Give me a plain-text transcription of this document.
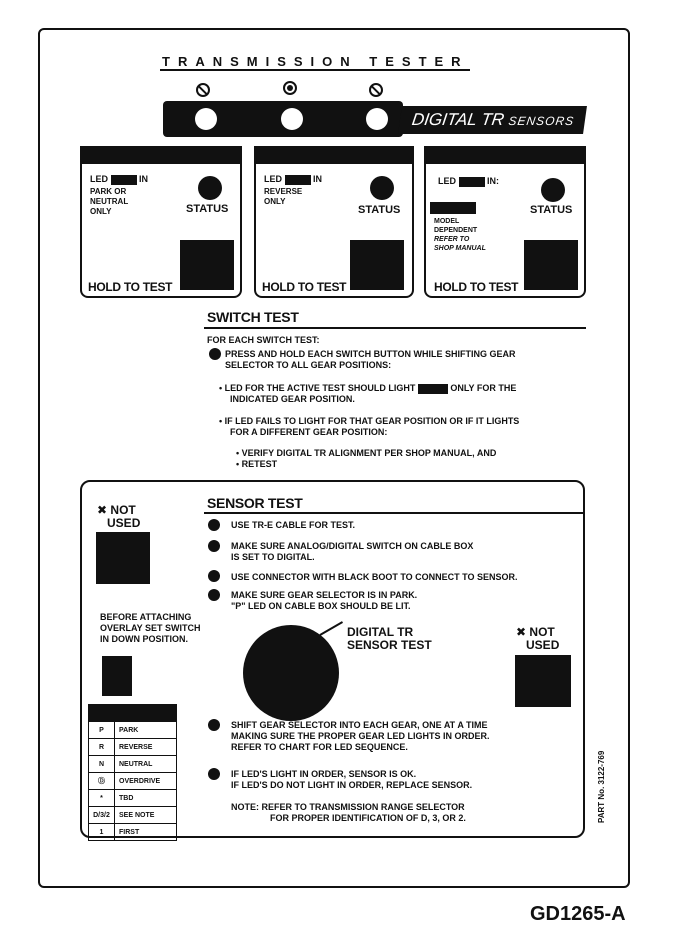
TRANSMISSION TESTER
DIGITAL TR SENSORS
LED	IN
PARK OR
NEUTRAL
ONLY	STATUS
HOLD TO TEST
LED	IN
REVERSE
ONLY
STATUS
HOLD TO TEST
LED	IN:
MODEL
DEPENDENT
REFER TO
SHOP MANUAL
STATUS
HOLD TO TEST
SWITCH TEST
FOR EACH SWITCH TEST:
PRESS AND HOLD EACH SWITCH BUTTON WHILE SHIFTING GEAR
SELECTOR TO ALL GEAR POSITIONS:
• LED FOR THE ACTIVE TEST SHOULD LIGHT	ONLY FOR THE
INDICATED GEAR POSITION.
• IF LED FAILS TO LIGHT FOR THAT GEAR POSITION OR IF IT LIGHTS
FOR A DIFFERENT GEAR POSITION:
• VERIFY DIGITAL TR ALIGNMENT PER SHOP MANUAL, AND
• RETEST
✖ NOT
USED
BEFORE ATTACHING
OVERLAY SET SWITCH
IN DOWN POSITION.

P	PARK
R	REVERSE
N	NEUTRAL
Ⓓ	OVERDRIVE
*	TBD
D/3/2	SEE NOTE
1	FIRST
SENSOR TEST
USE TR-E CABLE FOR TEST.
MAKE SURE ANALOG/DIGITAL SWITCH ON CABLE BOX
IS SET TO DIGITAL.
USE CONNECTOR WITH BLACK BOOT TO CONNECT TO SENSOR.
MAKE SURE GEAR SELECTOR IS IN PARK.
"P" LED ON CABLE BOX SHOULD BE LIT.
DIGITAL TR
SENSOR TEST
✖ NOT
USED
SHIFT GEAR SELECTOR INTO EACH GEAR, ONE AT A TIME
MAKING SURE THE PROPER GEAR LED LIGHTS IN ORDER.
REFER TO CHART FOR LED SEQUENCE.
IF LED'S LIGHT IN ORDER, SENSOR IS OK.
IF LED'S DO NOT LIGHT IN ORDER, REPLACE SENSOR.
NOTE: REFER TO TRANSMISSION RANGE SELECTOR
FOR PROPER IDENTIFICATION OF D, 3, OR 2.	PART No. 3122-769
GD1265-A
